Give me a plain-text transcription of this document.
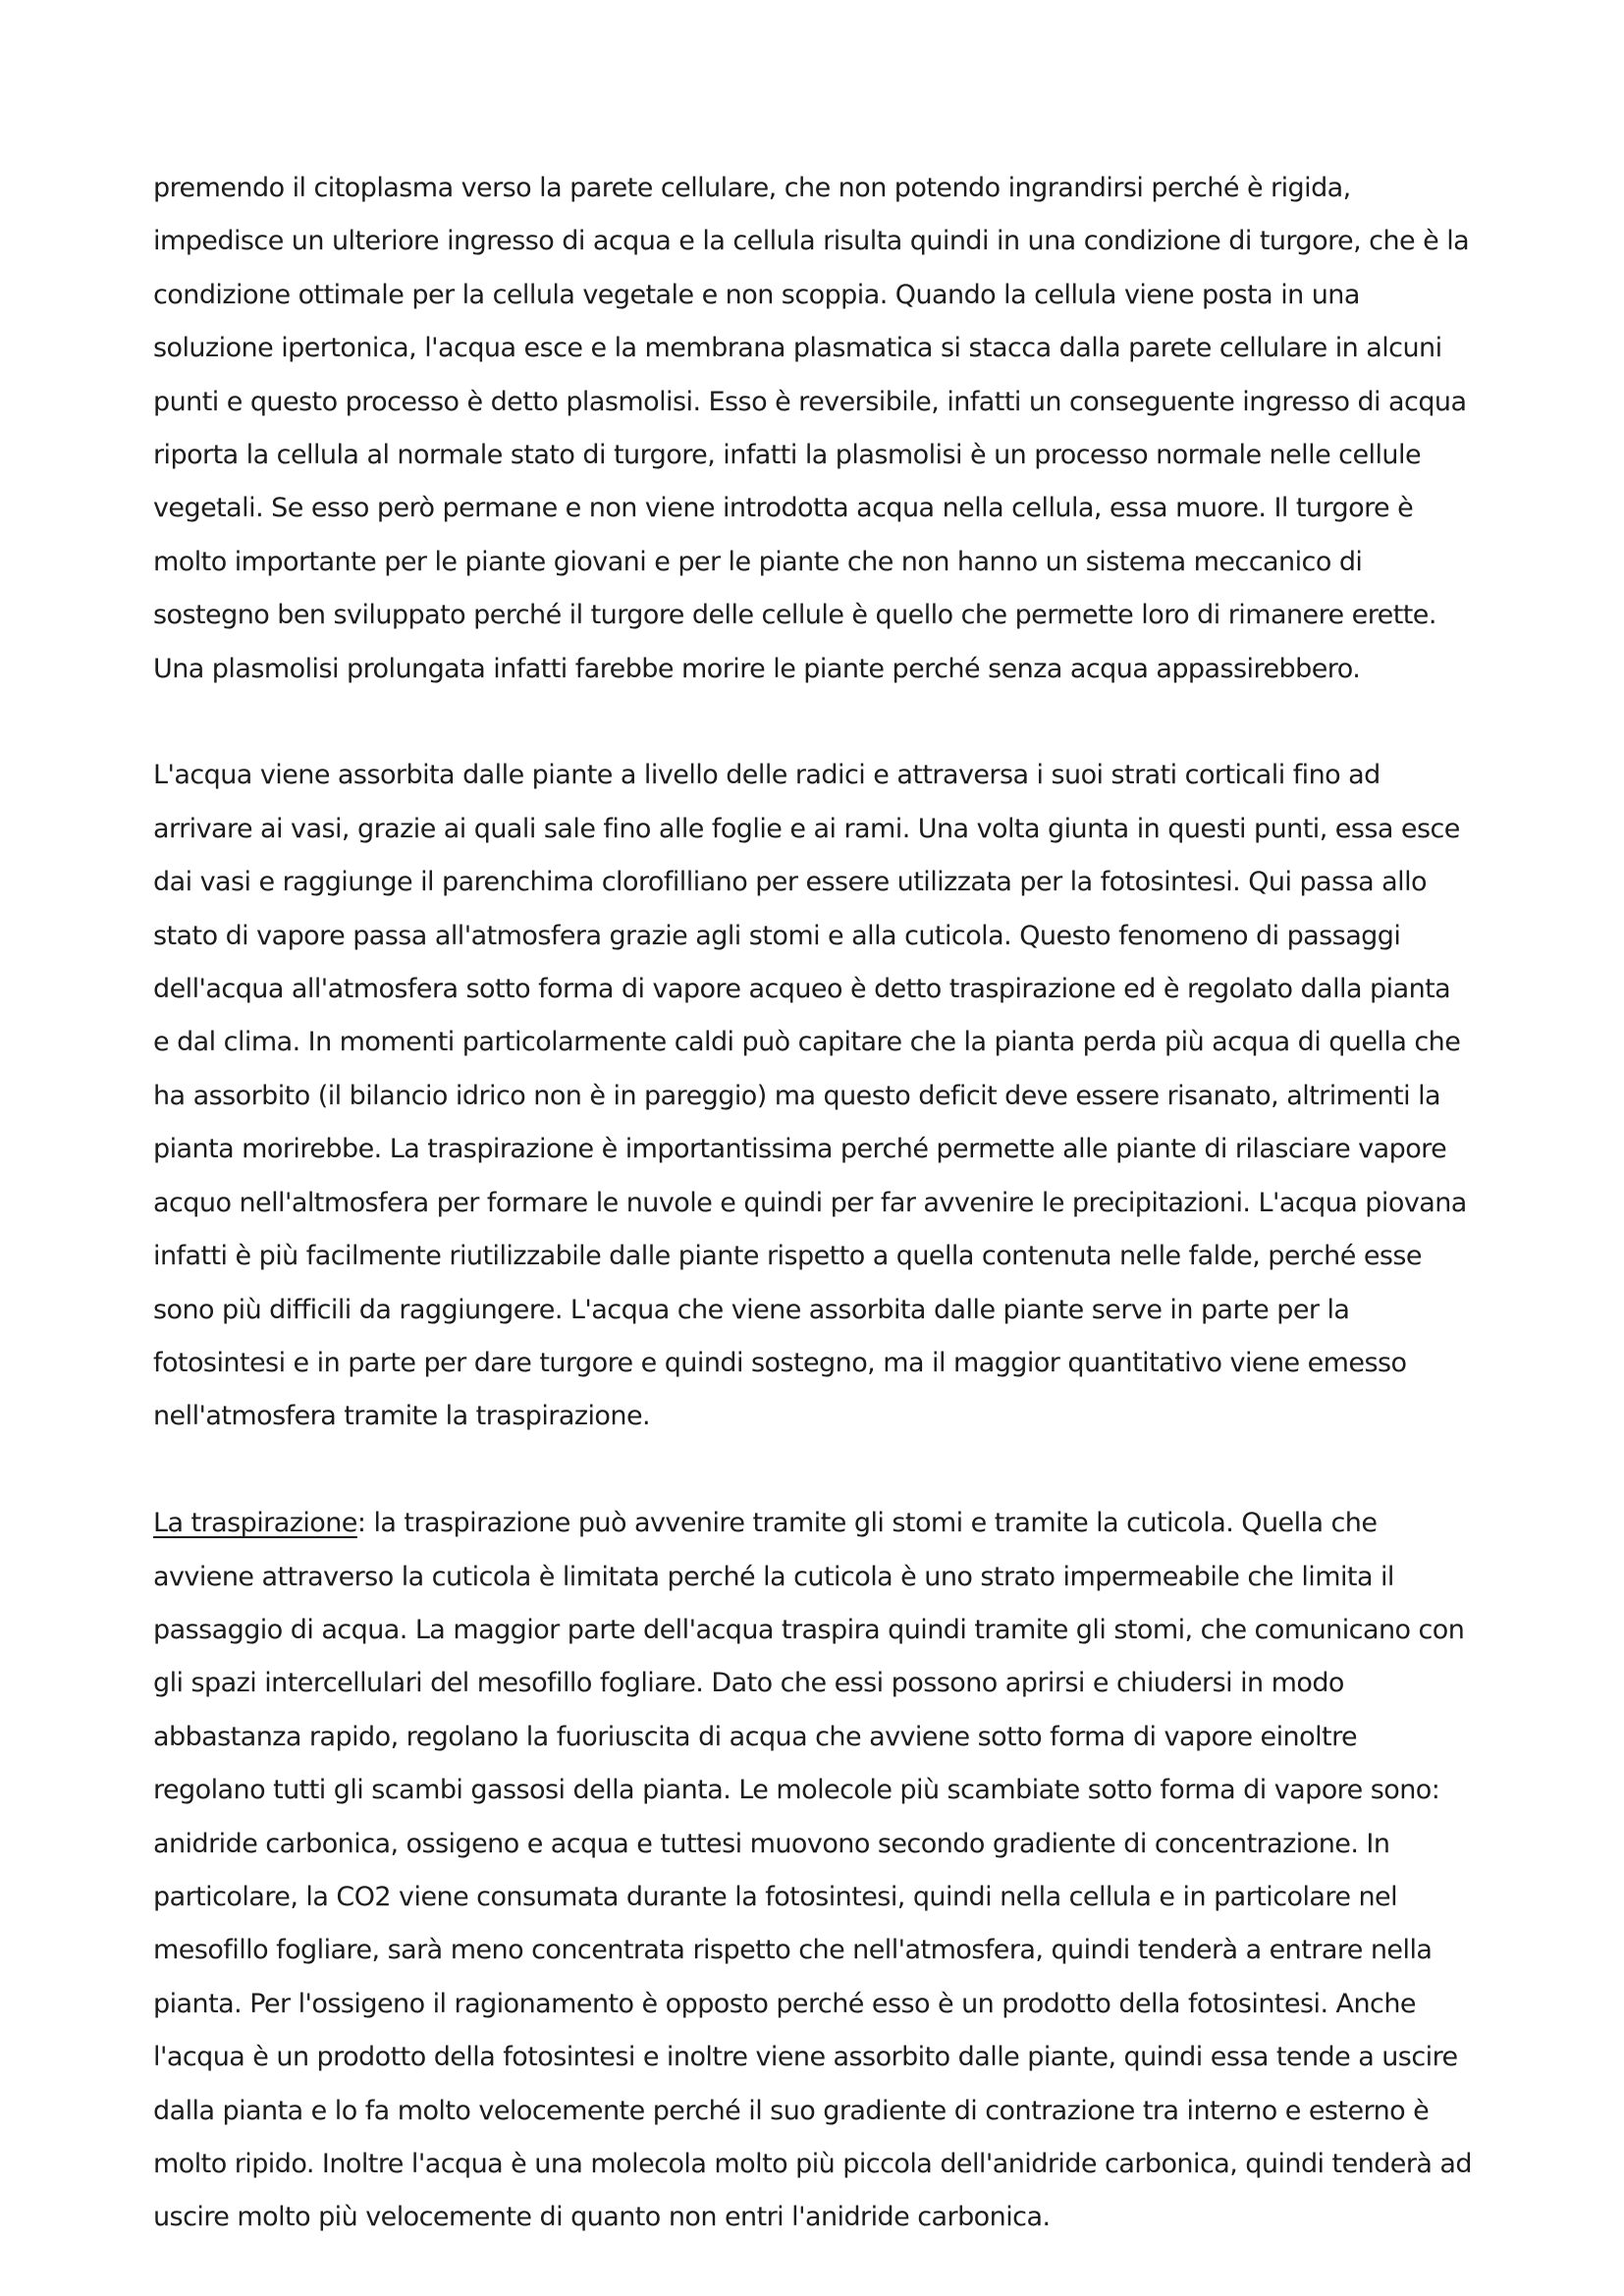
premendo il citoplasma verso la parete cellulare, che non potendo ingrandirsi perché è rigida, impedisce un ulteriore ingresso di acqua e la cellula risulta quindi in una condizione di turgore, che è la condizione ottimale per la cellula vegetale e non scoppia. Quando la cellula viene posta in una soluzione ipertonica, l'acqua esce e la membrana plasmatica si stacca dalla parete cellulare in alcuni punti e questo processo è detto plasmolisi. Esso è reversibile, infatti un conseguente ingresso di acqua riporta la cellula al normale stato di turgore, infatti la plasmolisi è un processo normale nelle cellule vegetali. Se esso però permane e non viene introdotta acqua nella cellula, essa muore. Il turgore è molto importante per le piante giovani e per le piante che non hanno un sistema meccanico di sostegno ben sviluppato perché il turgore delle cellule è quello che permette loro di rimanere erette. Una plasmolisi prolungata infatti farebbe morire le piante perché senza acqua appassirebbero.

L'acqua viene assorbita dalle piante a livello delle radici e attraversa i suoi strati corticali fino ad arrivare ai vasi, grazie ai quali sale fino alle foglie e ai rami. Una volta giunta in questi punti, essa esce dai vasi e raggiunge il parenchima clorofilliano per essere utilizzata per la fotosintesi. Qui passa allo stato di vapore passa all'atmosfera grazie agli stomi e alla cuticola. Questo fenomeno di passaggi dell'acqua all'atmosfera sotto forma di vapore acqueo è detto traspirazione ed è regolato dalla pianta e dal clima. In momenti particolarmente caldi può capitare che la pianta perda più acqua di quella che ha assorbito (il bilancio idrico non è in pareggio) ma questo deficit deve essere risanato, altrimenti la pianta morirebbe. La traspirazione è importantissima perché permette alle piante di rilasciare vapore acquo nell'altmosfera per formare le nuvole e quindi per far avvenire le precipitazioni. L'acqua piovana infatti è più facilmente riutilizzabile dalle piante rispetto a quella contenuta nelle falde, perché esse sono più difficili da raggiungere. L'acqua che viene assorbita dalle piante serve in parte per la fotosintesi e in parte per dare turgore e quindi sostegno, ma il maggior quantitativo viene emesso nell'atmosfera tramite la traspirazione.

La traspirazione: la traspirazione può avvenire tramite gli stomi e tramite la cuticola. Quella che avviene attraverso la cuticola è limitata perché la cuticola è uno strato impermeabile che limita il passaggio di acqua. La maggior parte dell'acqua traspira quindi tramite gli stomi, che comunicano con gli spazi intercellulari del mesofillo fogliare. Dato che essi possono aprirsi e chiudersi in modo abbastanza rapido, regolano la fuoriuscita di acqua che avviene sotto forma di vapore einoltre regolano tutti gli scambi gassosi della pianta. Le molecole più scambiate sotto forma di vapore sono: anidride carbonica, ossigeno e acqua e tuttesi muovono secondo gradiente di concentrazione. In particolare, la CO2 viene consumata durante la fotosintesi, quindi nella cellula e in particolare nel mesofillo fogliare, sarà meno concentrata rispetto che nell'atmosfera, quindi tenderà a entrare nella pianta. Per l'ossigeno il ragionamento è opposto perché esso è un prodotto della fotosintesi. Anche l'acqua è un prodotto della fotosintesi e inoltre viene assorbito dalle piante, quindi essa tende a uscire dalla pianta e lo fa molto velocemente perché il suo gradiente di contrazione tra interno e esterno è molto ripido. Inoltre l'acqua è una molecola molto più piccola dell'anidride carbonica, quindi tenderà ad uscire molto più velocemente di quanto non entri l'anidride carbonica.
